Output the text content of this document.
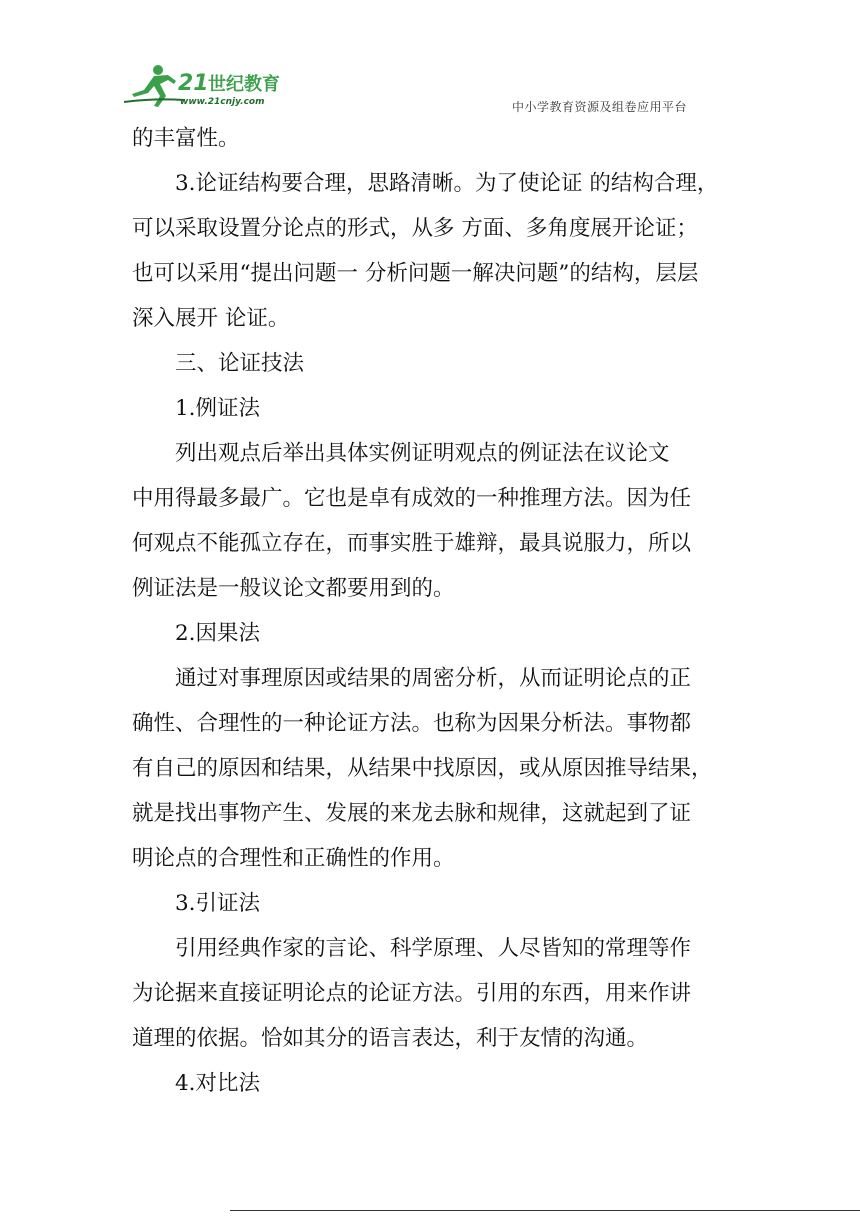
21 世纪教育
www.21cnjy.com	中小学教育资源及组卷应用平台
的丰富性。
3.论证结构要合理，思路清晰。为了使论证 的结构合理，
可以采取设置分论点的形式，从多 方面、多角度展开论证；
也可以采用“提出问题一 分析问题一解决问题”的结构，层层
深入展开 论证。
三、论证技法
1.例证法
列出观点后举出具体实例证明观点的例证法在议论文
中用得最多最广。它也是卓有成效的一种推理方法。因为任
何观点不能孤立存在，而事实胜于雄辩，最具说服力，所以
例证法是一般议论文都要用到的。
2.因果法
通过对事理原因或结果的周密分析，从而证明论点的正
确性、合理性的一种论证方法。也称为因果分析法。事物都
有自己的原因和结果，从结果中找原因，或从原因推导结果，
就是找出事物产生、发展的来龙去脉和规律，这就起到了证
明论点的合理性和正确性的作用。
3.引证法
引用经典作家的言论、科学原理、人尽皆知的常理等作
为论据来直接证明论点的论证方法。引用的东西，用来作讲
道理的依据。恰如其分的语言表达，利于友情的沟通。
4.对比法
